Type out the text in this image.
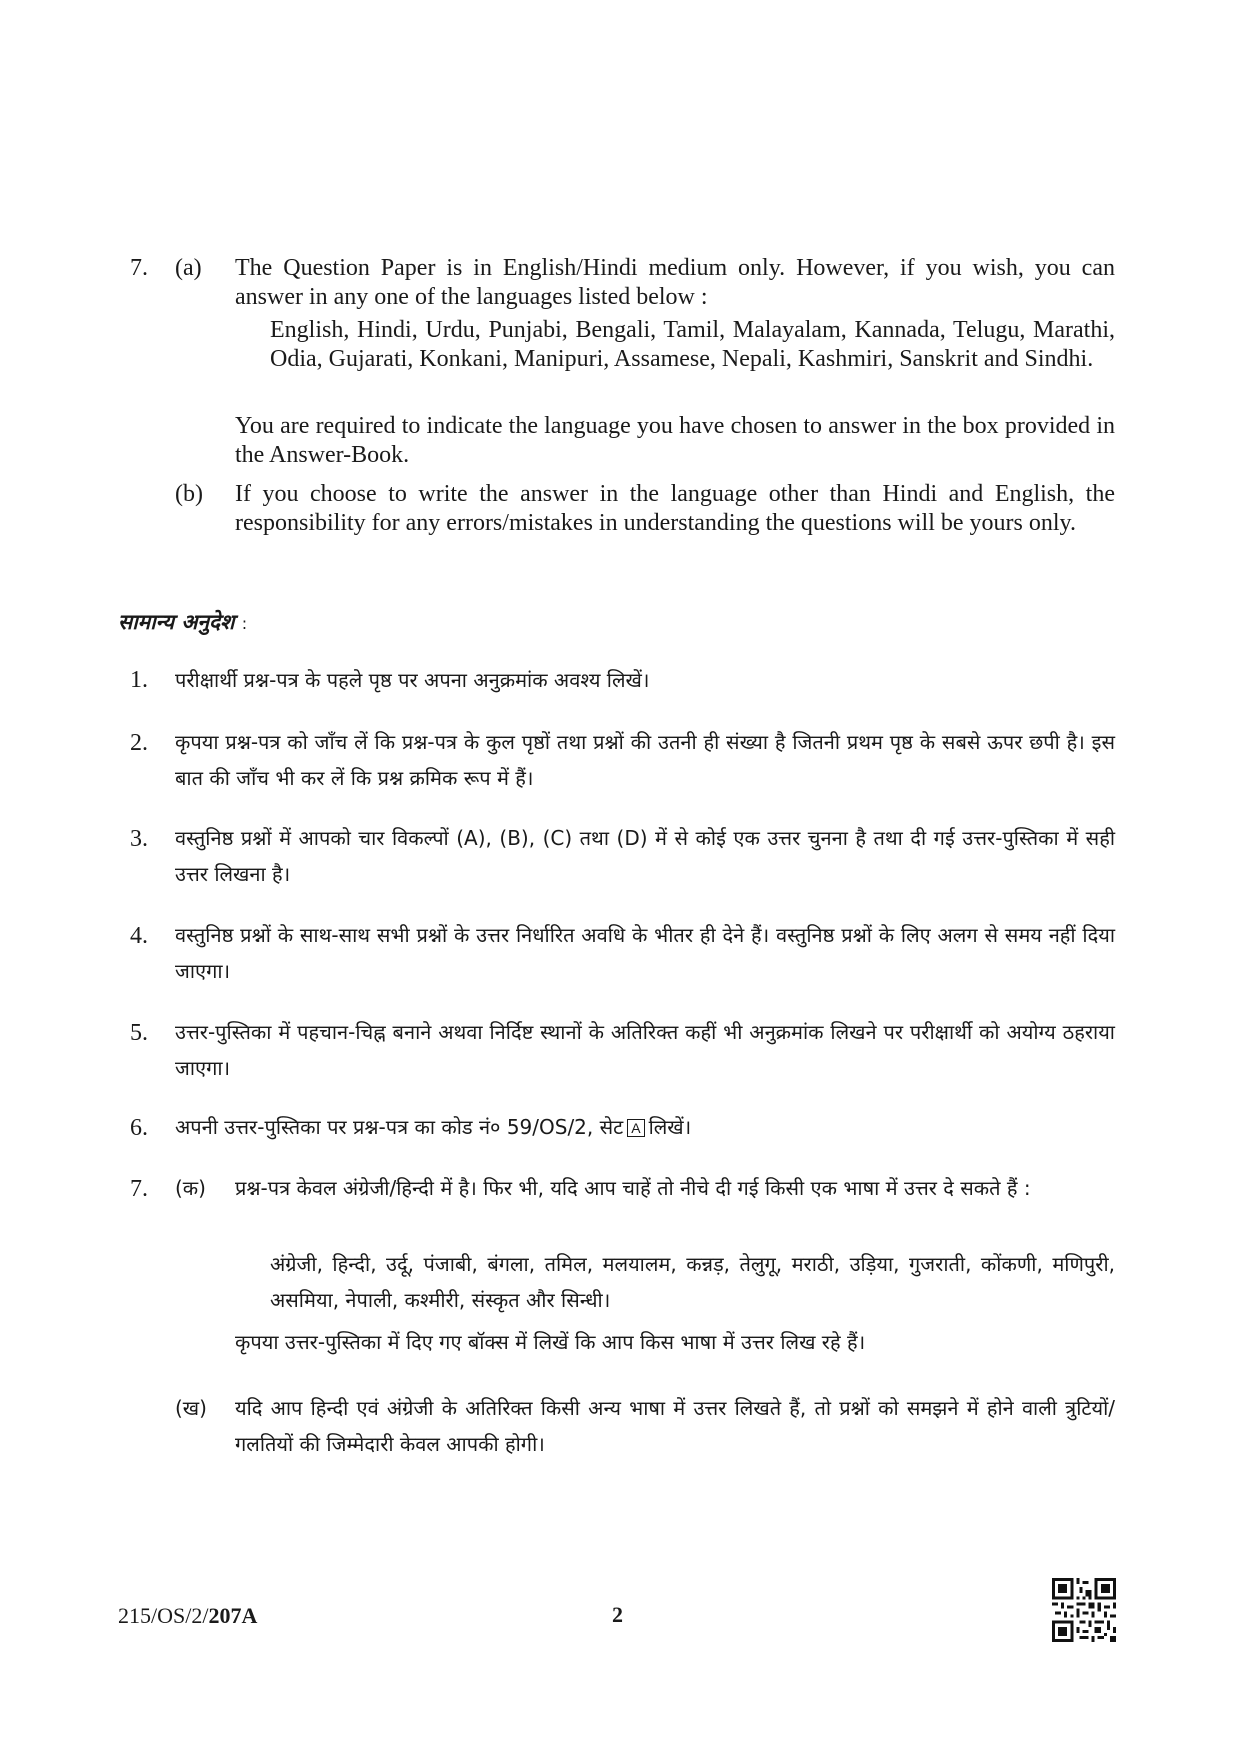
7. (a) The Question Paper is in English/Hindi medium only. However, if you wish, you can answer in any one of the languages listed below :
English, Hindi, Urdu, Punjabi, Bengali, Tamil, Malayalam, Kannada, Telugu, Marathi, Odia, Gujarati, Konkani, Manipuri, Assamese, Nepali, Kashmiri, Sanskrit and Sindhi.
You are required to indicate the language you have chosen to answer in the box provided in the Answer-Book.
(b) If you choose to write the answer in the language other than Hindi and English, the responsibility for any errors/mistakes in understanding the questions will be yours only.
सामान्य अनुदेश :
1. परीक्षार्थी प्रश्न-पत्र के पहले पृष्ठ पर अपना अनुक्रमांक अवश्य लिखें।
2. कृपया प्रश्न-पत्र को जाँच लें कि प्रश्न-पत्र के कुल पृष्ठों तथा प्रश्नों की उतनी ही संख्या है जितनी प्रथम पृष्ठ के सबसे ऊपर छपी है। इस बात की जाँच भी कर लें कि प्रश्न क्रमिक रूप में हैं।
3. वस्तुनिष्ठ प्रश्नों में आपको चार विकल्पों (A), (B), (C) तथा (D) में से कोई एक उत्तर चुनना है तथा दी गई उत्तर-पुस्तिका में सही उत्तर लिखना है।
4. वस्तुनिष्ठ प्रश्नों के साथ-साथ सभी प्रश्नों के उत्तर निर्धारित अवधि के भीतर ही देने हैं। वस्तुनिष्ठ प्रश्नों के लिए अलग से समय नहीं दिया जाएगा।
5. उत्तर-पुस्तिका में पहचान-चिह्न बनाने अथवा निर्दिष्ट स्थानों के अतिरिक्त कहीं भी अनुक्रमांक लिखने पर परीक्षार्थी को अयोग्य ठहराया जाएगा।
6. अपनी उत्तर-पुस्तिका पर प्रश्न-पत्र का कोड नं० 59/OS/2, सेट A लिखें।
7. (क) प्रश्न-पत्र केवल अंग्रेजी/हिन्दी में है। फिर भी, यदि आप चाहें तो नीचे दी गई किसी एक भाषा में उत्तर दे सकते हैं :
अंग्रेजी, हिन्दी, उर्दू, पंजाबी, बंगला, तमिल, मलयालम, कन्नड़, तेलुगू, मराठी, उड़िया, गुजराती, कोंकणी, मणिपुरी, असमिया, नेपाली, कश्मीरी, संस्कृत और सिन्धी।
कृपया उत्तर-पुस्तिका में दिए गए बॉक्स में लिखें कि आप किस भाषा में उत्तर लिख रहे हैं।
(ख) यदि आप हिन्दी एवं अंग्रेजी के अतिरिक्त किसी अन्य भाषा में उत्तर लिखते हैं, तो प्रश्नों को समझने में होने वाली त्रुटियों/गलतियों की जिम्मेदारी केवल आपकी होगी।
215/OS/2/207A	2
